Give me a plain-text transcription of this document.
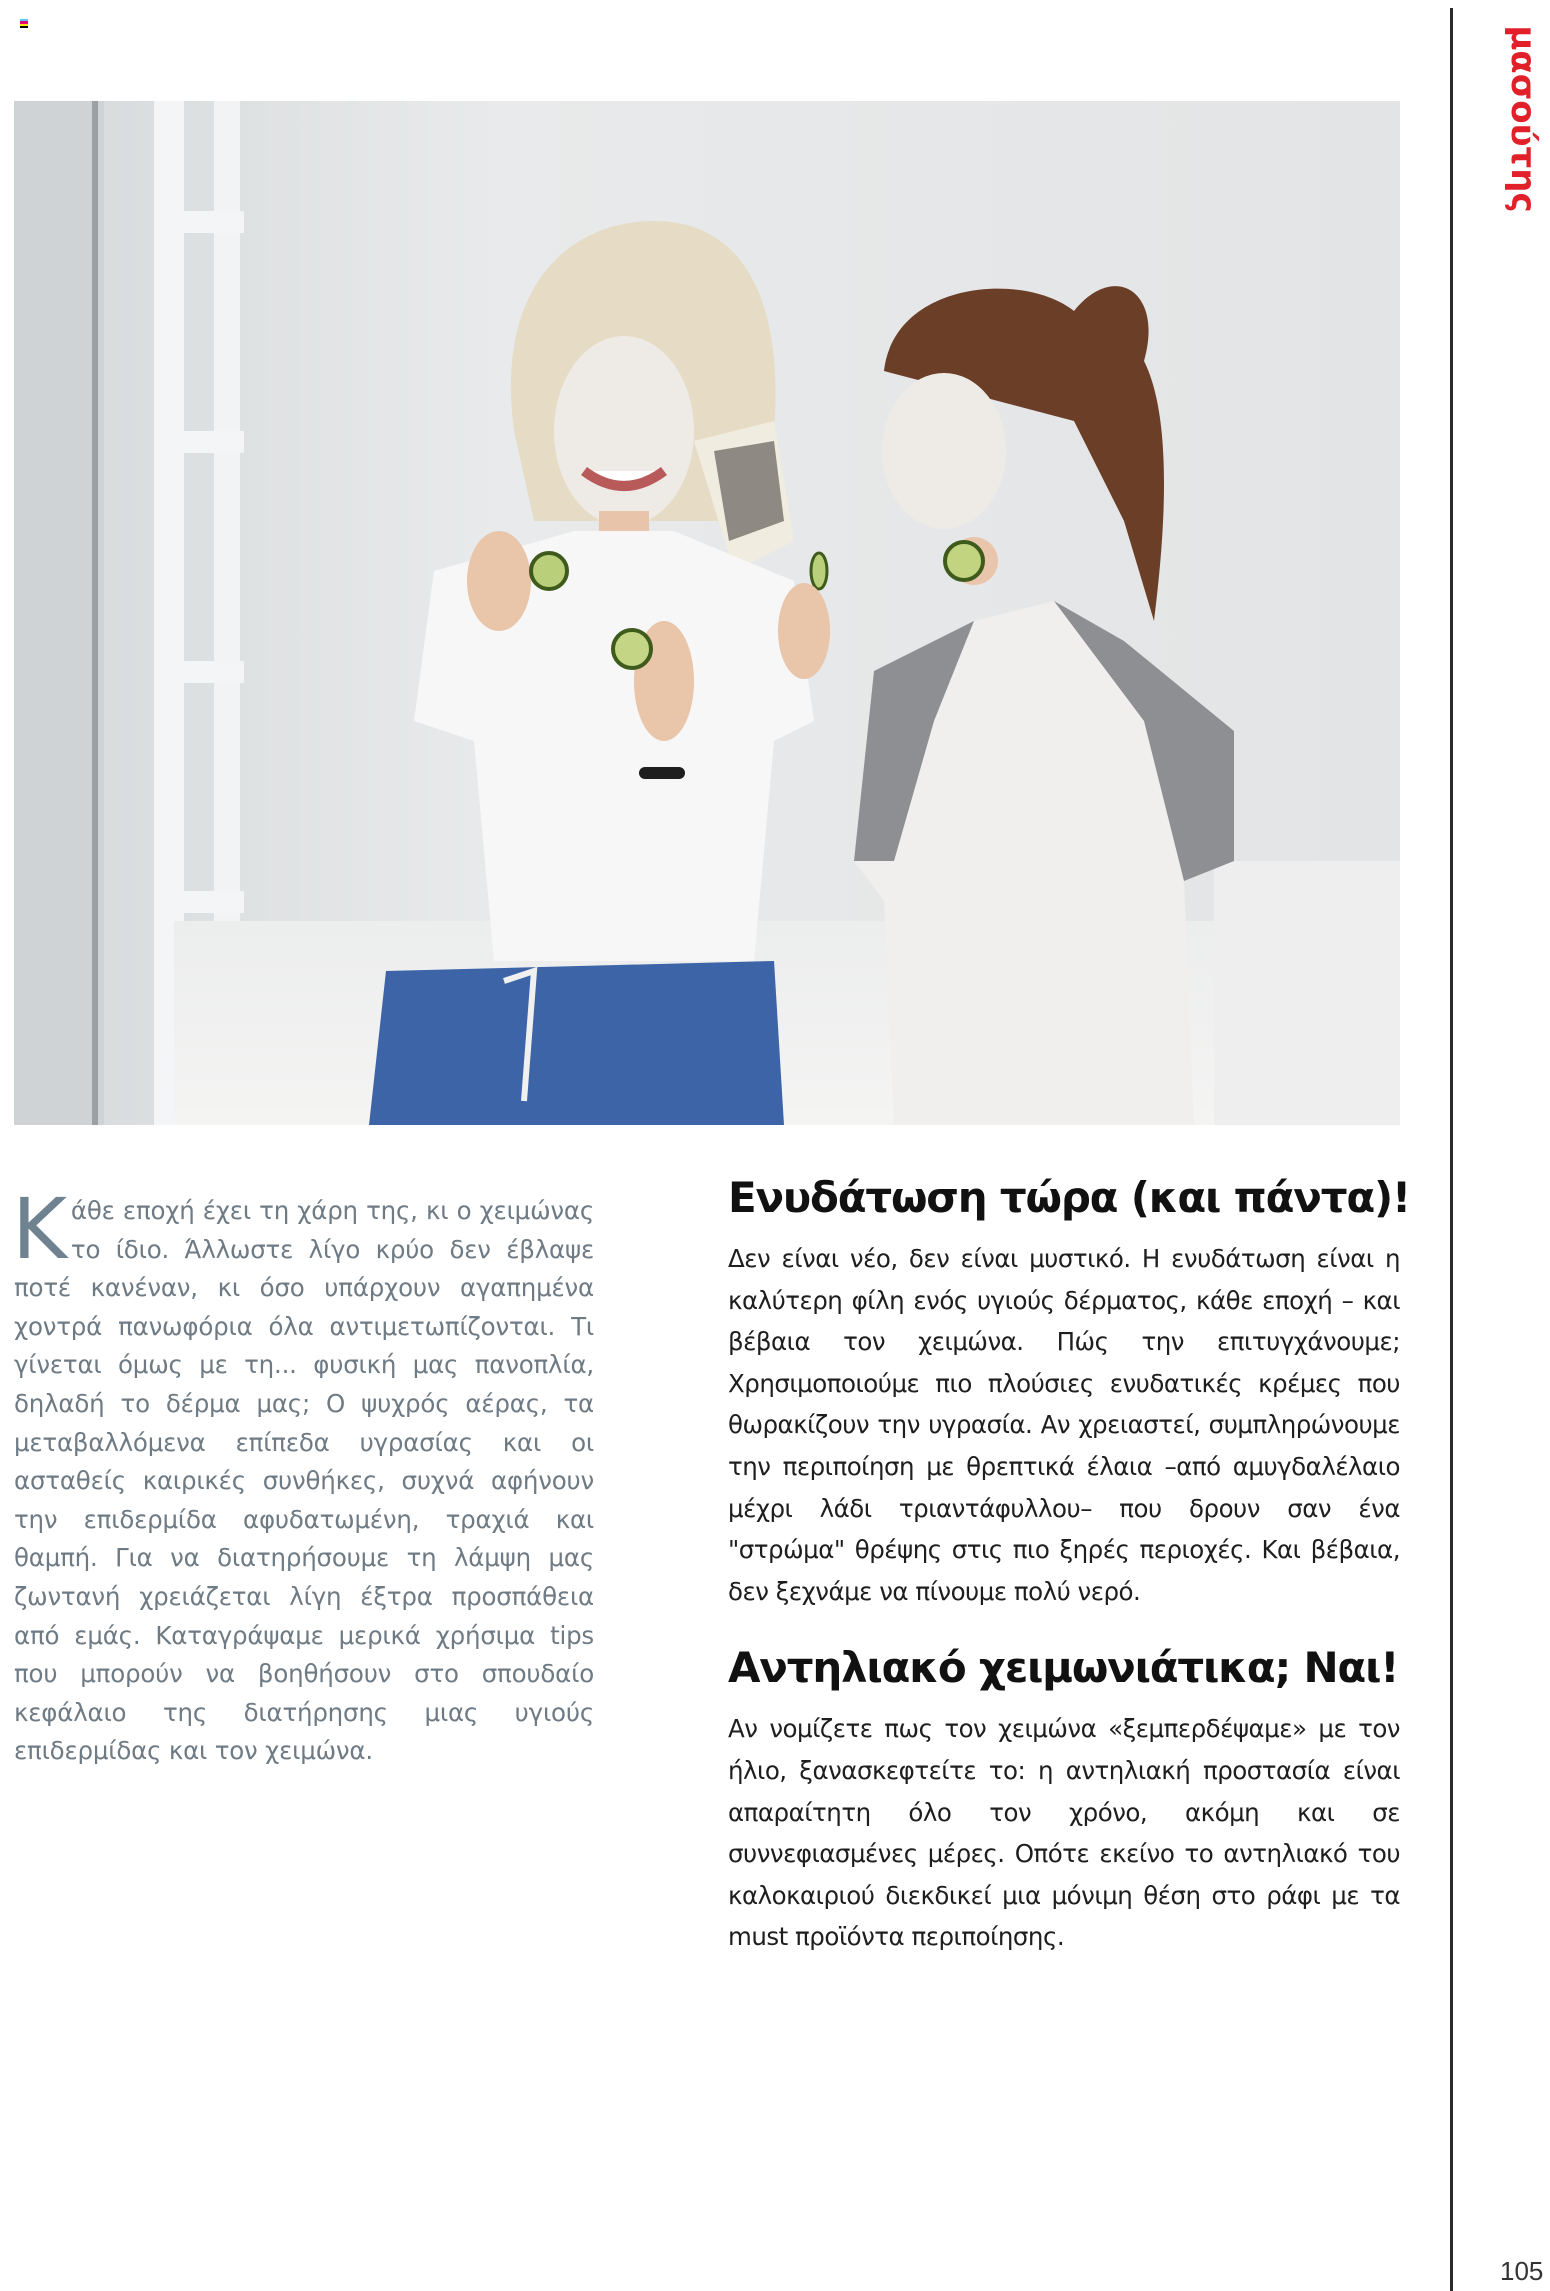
μασούτης
Κ άθε εποχή έχει τη χάρη της, κι ο χειμώνας το ίδιο. Άλλωστε λίγο κρύο δεν έβλαψε ποτέ κανέναν, κι όσο υπάρχουν αγαπημένα χοντρά πανωφόρια όλα αντιμετωπίζονται. Τι γίνεται όμως με τη... φυσική μας πανοπλία, δηλαδή το δέρμα μας; Ο ψυχρός αέρας, τα μεταβαλλόμενα επίπεδα υγρασίας και οι ασταθείς καιρικές συνθήκες, συχνά αφήνουν την επιδερμίδα αφυδατωμένη, τραχιά και θαμπή. Για να διατηρήσουμε τη λάμψη μας ζωντανή χρειάζεται λίγη έξτρα προσπάθεια από εμάς. Καταγράψαμε μερικά χρήσιμα tips που μπορούν να βοηθήσουν στο σπουδαίο κεφάλαιο της διατήρησης μιας υγιούς επιδερμίδας και τον χειμώνα.
Ενυδάτωση τώρα (και πάντα)!

Δεν είναι νέο, δεν είναι μυστικό. Η ενυδάτωση είναι η καλύτερη φίλη ενός υγιούς δέρματος, κάθε εποχή – και βέβαια τον χειμώνα. Πώς την επιτυγχάνουμε; Χρησιμοποιούμε πιο πλούσιες ενυδατικές κρέμες που θωρακίζουν την υγρασία. Αν χρειαστεί, συμπληρώνουμε την περιποίηση με θρεπτικά έλαια –από αμυγδαλέλαιο μέχρι λάδι τριαντάφυλλου– που δρουν σαν ένα "στρώμα" θρέψης στις πιο ξηρές περιοχές. Και βέβαια, δεν ξεχνάμε να πίνουμε πολύ νερό.

Αντηλιακό χειμωνιάτικα; Ναι!

Αν νομίζετε πως τον χειμώνα «ξεμπερδέψαμε» με τον ήλιο, ξανασκεφτείτε το: η αντηλιακή προστασία είναι απαραίτητη όλο τον χρόνο, ακόμη και σε συννεφιασμένες μέρες. Οπότε εκείνο το αντηλιακό του καλοκαιριού διεκδικεί μια μόνιμη θέση στο ράφι με τα must προϊόντα περιποίησης.

105
